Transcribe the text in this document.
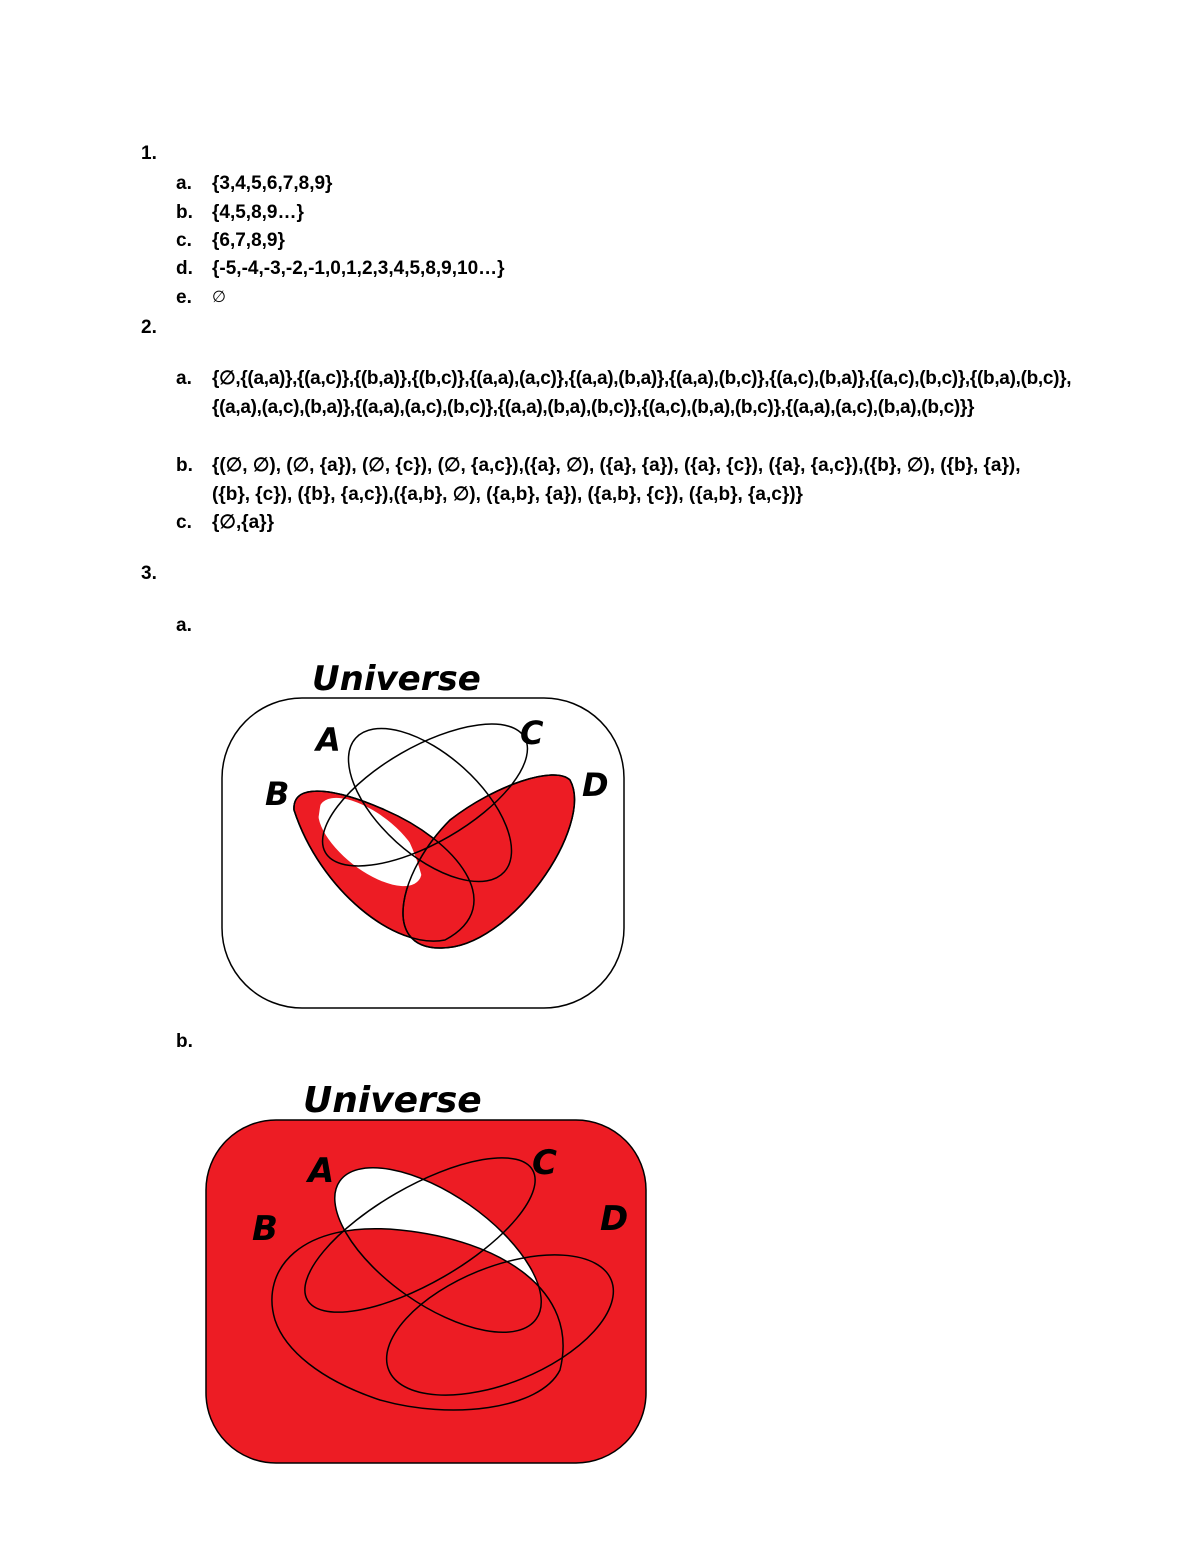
1.
a. {3,4,5,6,7,8,9}
b. {4,5,8,9…}
c. {6,7,8,9}
d. {-5,-4,-3,-2,-1,0,1,2,3,4,5,8,9,10…}
e. ∅
2.
a. {∅,{(a,a)},{(a,c)},{(b,a)},{(b,c)},{(a,a),(a,c)},{(a,a),(b,a)},{(a,a),(b,c)},{(a,c),(b,a)},{(a,c),(b,c)},{(b,a),(b,c)},{(a,a),(a,c),(b,a)},{(a,a),(a,c),(b,c)},{(a,a),(b,a),(b,c)},{(a,c),(b,a),(b,c)},{(a,a),(a,c),(b,a),(b,c)}}
b. {(∅, ∅), (∅, {a}), (∅, {c}), (∅, {a,c}),({a}, ∅), ({a}, {a}), ({a}, {c}), ({a}, {a,c}),({b}, ∅), ({b}, {a}), ({b}, {c}), ({b}, {a,c}),({a,b}, ∅), ({a,b}, {a}), ({a,b}, {c}), ({a,b}, {a,c})}
c. {∅,{a}}
3.
a.
Universe
A
B
C
D
b.
Universe
A
B
C
D
